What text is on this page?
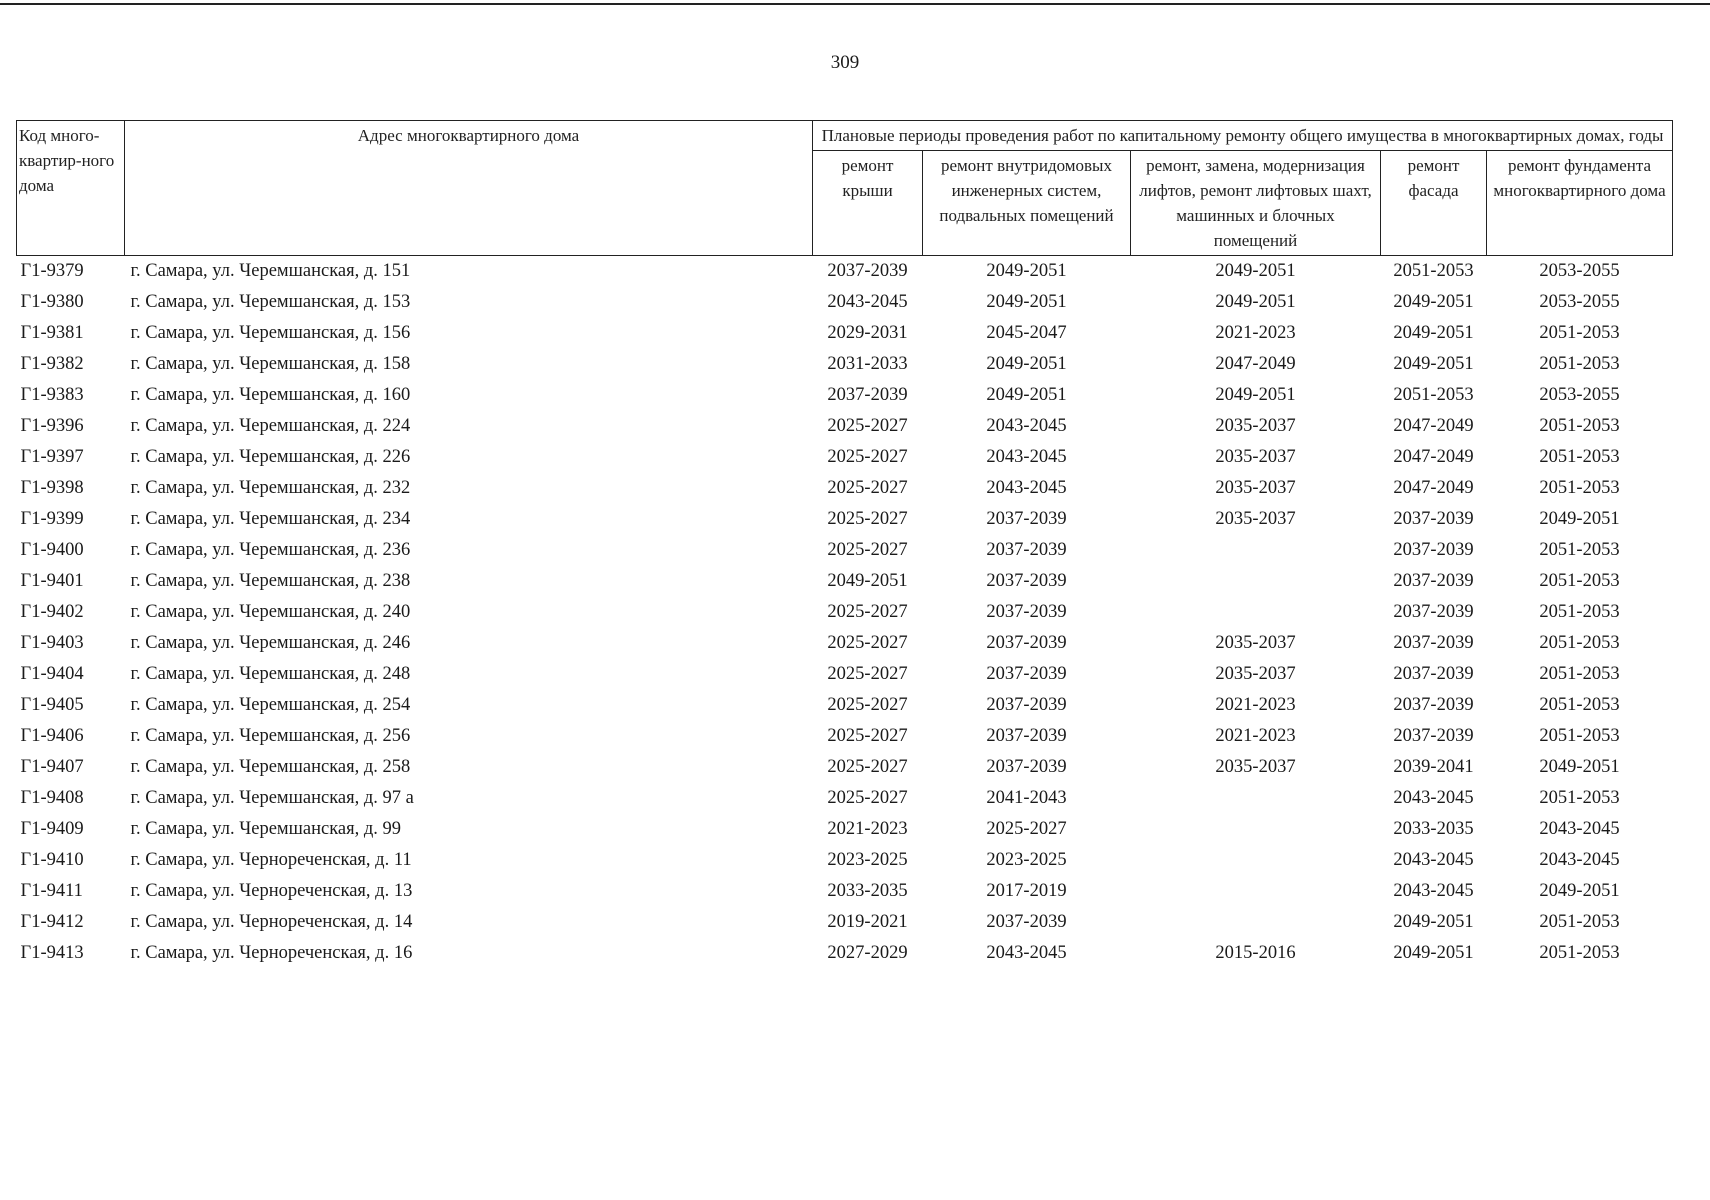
309
Код много-квартир-ного дома	Адрес многоквартирного дома	Плановые периоды проведения работ по капитальному ремонту общего имущества в многоквартирных домах, годы				
		ремонт крыши	ремонт внутридомовых инженерных систем, подвальных помещений	ремонт, замена, модернизация лифтов, ремонт лифтовых шахт, машинных и блочных помещений	ремонт фасада	ремонт фундамента многоквартирного дома
Г1-9379	г. Самара, ул. Черемшанская, д. 151	2037-2039	2049-2051	2049-2051	2051-2053	2053-2055
Г1-9380	г. Самара, ул. Черемшанская, д. 153	2043-2045	2049-2051	2049-2051	2049-2051	2053-2055
Г1-9381	г. Самара, ул. Черемшанская, д. 156	2029-2031	2045-2047	2021-2023	2049-2051	2051-2053
Г1-9382	г. Самара, ул. Черемшанская, д. 158	2031-2033	2049-2051	2047-2049	2049-2051	2051-2053
Г1-9383	г. Самара, ул. Черемшанская, д. 160	2037-2039	2049-2051	2049-2051	2051-2053	2053-2055
Г1-9396	г. Самара, ул. Черемшанская, д. 224	2025-2027	2043-2045	2035-2037	2047-2049	2051-2053
Г1-9397	г. Самара, ул. Черемшанская, д. 226	2025-2027	2043-2045	2035-2037	2047-2049	2051-2053
Г1-9398	г. Самара, ул. Черемшанская, д. 232	2025-2027	2043-2045	2035-2037	2047-2049	2051-2053
Г1-9399	г. Самара, ул. Черемшанская, д. 234	2025-2027	2037-2039	2035-2037	2037-2039	2049-2051
Г1-9400	г. Самара, ул. Черемшанская, д. 236	2025-2027	2037-2039		2037-2039	2051-2053
Г1-9401	г. Самара, ул. Черемшанская, д. 238	2049-2051	2037-2039		2037-2039	2051-2053
Г1-9402	г. Самара, ул. Черемшанская, д. 240	2025-2027	2037-2039		2037-2039	2051-2053
Г1-9403	г. Самара, ул. Черемшанская, д. 246	2025-2027	2037-2039	2035-2037	2037-2039	2051-2053
Г1-9404	г. Самара, ул. Черемшанская, д. 248	2025-2027	2037-2039	2035-2037	2037-2039	2051-2053
Г1-9405	г. Самара, ул. Черемшанская, д. 254	2025-2027	2037-2039	2021-2023	2037-2039	2051-2053
Г1-9406	г. Самара, ул. Черемшанская, д. 256	2025-2027	2037-2039	2021-2023	2037-2039	2051-2053
Г1-9407	г. Самара, ул. Черемшанская, д. 258	2025-2027	2037-2039	2035-2037	2039-2041	2049-2051
Г1-9408	г. Самара, ул. Черемшанская, д. 97 а	2025-2027	2041-2043		2043-2045	2051-2053
Г1-9409	г. Самара, ул. Черемшанская, д. 99	2021-2023	2025-2027		2033-2035	2043-2045
Г1-9410	г. Самара, ул. Чернореченская, д. 11	2023-2025	2023-2025		2043-2045	2043-2045
Г1-9411	г. Самара, ул. Чернореченская, д. 13	2033-2035	2017-2019		2043-2045	2049-2051
Г1-9412	г. Самара, ул. Чернореченская, д. 14	2019-2021	2037-2039		2049-2051	2051-2053
Г1-9413	г. Самара, ул. Чернореченская, д. 16	2027-2029	2043-2045	2015-2016	2049-2051	2051-2053
